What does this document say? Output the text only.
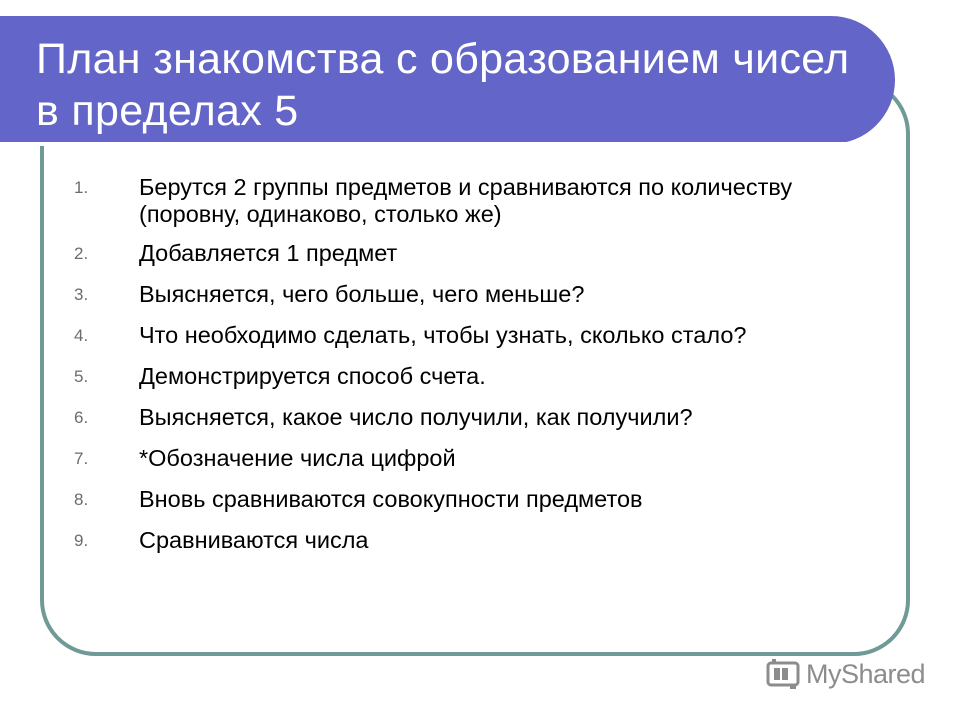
План знакомства с образованием чисел в пределах 5
1.	Берутся 2 группы предметов и сравниваются по количеству (поровну, одинаково, столько же)
2.	Добавляется 1 предмет
3.	Выясняется, чего больше, чего меньше?
4.	Что необходимо сделать, чтобы узнать, сколько стало?
5.	Демонстрируется способ счета.
6.	Выясняется, какое число получили, как получили?
7.	*Обозначение числа цифрой
8.	Вновь сравниваются совокупности предметов
9.	Сравниваются числа
MyShared
